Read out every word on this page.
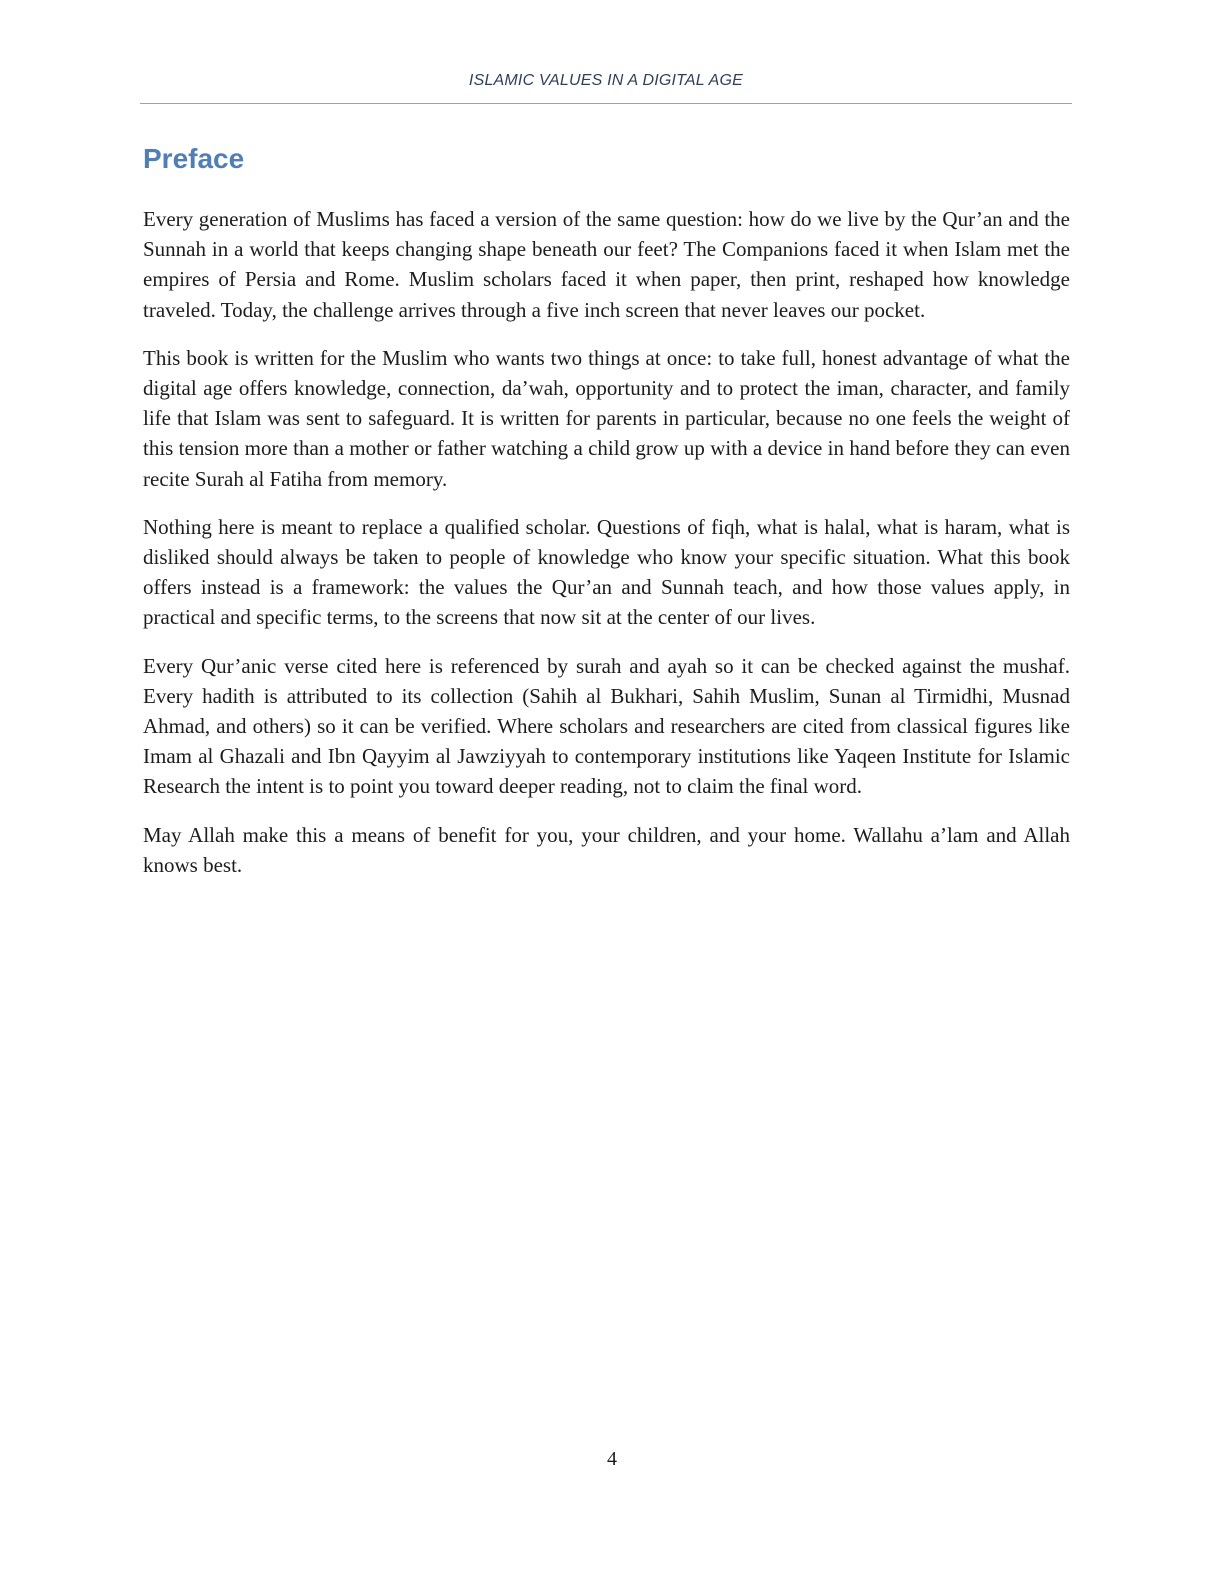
ISLAMIC VALUES IN A DIGITAL AGE
Preface

Every generation of Muslims has faced a version of the same question: how do we live by the Qur’an and the Sunnah in a world that keeps changing shape beneath our feet? The Companions faced it when Islam met the empires of Persia and Rome. Muslim scholars faced it when paper, then print, reshaped how knowledge traveled. Today, the challenge arrives through a five inch screen that never leaves our pocket.

This book is written for the Muslim who wants two things at once: to take full, honest advantage of what the digital age offers knowledge, connection, da’wah, opportunity and to protect the iman, character, and family life that Islam was sent to safeguard. It is written for parents in particular, because no one feels the weight of this tension more than a mother or father watching a child grow up with a device in hand before they can even recite Surah al Fatiha from memory.

Nothing here is meant to replace a qualified scholar. Questions of fiqh, what is halal, what is haram, what is disliked should always be taken to people of knowledge who know your specific situation. What this book offers instead is a framework: the values the Qur’an and Sunnah teach, and how those values apply, in practical and specific terms, to the screens that now sit at the center of our lives.

Every Qur’anic verse cited here is referenced by surah and ayah so it can be checked against the mushaf. Every hadith is attributed to its collection (Sahih al Bukhari, Sahih Muslim, Sunan al Tirmidhi, Musnad Ahmad, and others) so it can be verified. Where scholars and researchers are cited from classical figures like Imam al Ghazali and Ibn Qayyim al Jawziyyah to contemporary institutions like Yaqeen Institute for Islamic Research the intent is to point you toward deeper reading, not to claim the final word.

May Allah make this a means of benefit for you, your children, and your home. Wallahu a’lam and Allah knows best.

4
